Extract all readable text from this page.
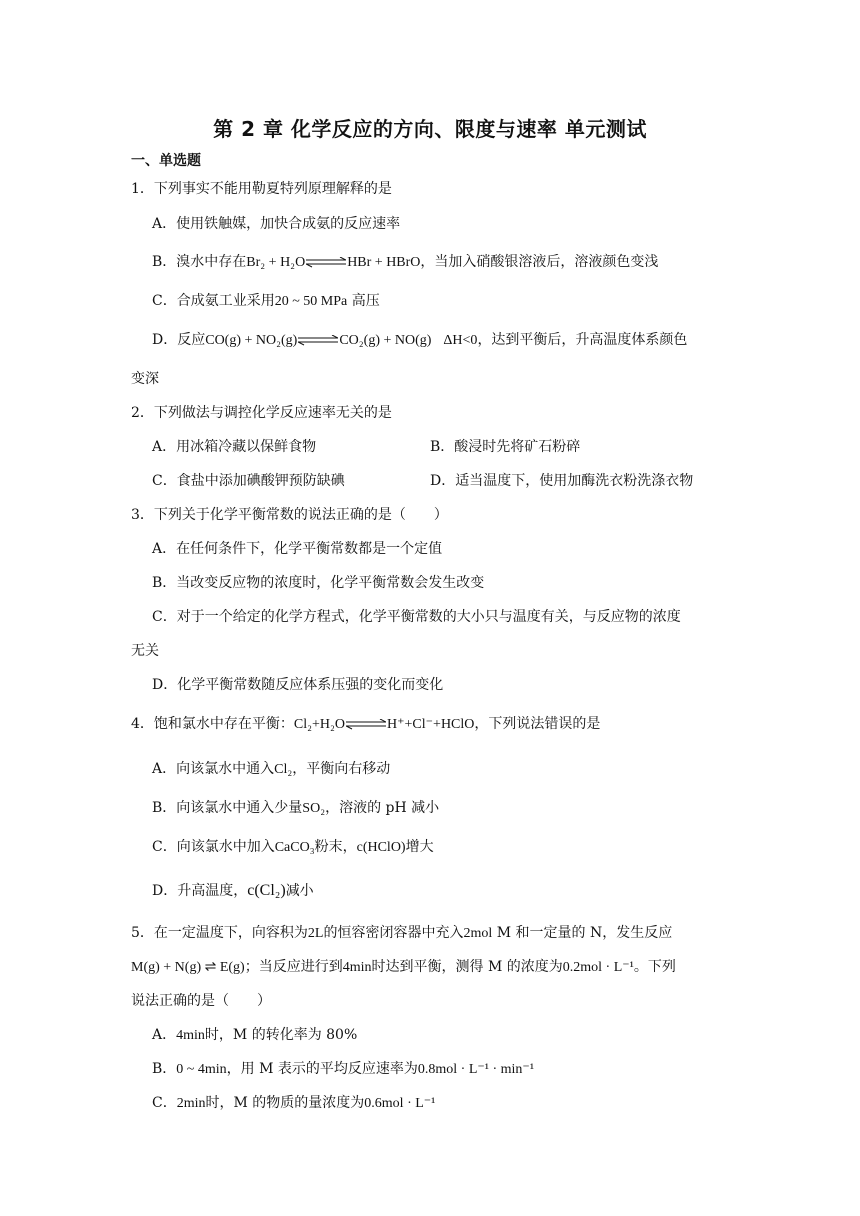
第 2 章 化学反应的方向、限度与速率 单元测试
一、单选题
1．下列事实不能用勒夏特列原理解释的是
A．使用铁触媒，加快合成氨的反应速率
B．溴水中存在Br₂ + H₂O	HBr + HBrO，当加入硝酸银溶液后，溶液颜色变浅
C．合成氨工业采用20 ~ 50 MPa 高压
D．反应CO(g) + NO₂(g)	CO₂(g) + NO(g) ΔH<0，达到平衡后，升高温度体系颜色
变深
2．下列做法与调控化学反应速率无关的是
A．用冰箱冷藏以保鲜食物	B．酸浸时先将矿石粉碎
C．食盐中添加碘酸钾预防缺碘	D．适当温度下，使用加酶洗衣粉洗涤衣物
3．下列关于化学平衡常数的说法正确的是（　　）
A．在任何条件下，化学平衡常数都是一个定值
B．当改变反应物的浓度时，化学平衡常数会发生改变
C．对于一个给定的化学方程式，化学平衡常数的大小只与温度有关，与反应物的浓度
无关
D．化学平衡常数随反应体系压强的变化而变化
4．饱和氯水中存在平衡：Cl₂+H₂O	H⁺+Cl⁻+HClO，下列说法错误的是
A．向该氯水中通入Cl₂，平衡向右移动
B．向该氯水中通入少量SO₂，溶液的 pH 减小
C．向该氯水中加入CaCO₃粉末，c(HClO)增大
D．升高温度，c(Cl₂)减小
5．在一定温度下，向容积为2L的恒容密闭容器中充入2mol M 和一定量的 N，发生反应
M(g) + N(g) ⇌ E(g)；当反应进行到4min时达到平衡，测得 M 的浓度为0.2mol · L⁻¹。下列
说法正确的是（　　）
A．4min时，M 的转化率为 80%
B．0 ~ 4min，用 M 表示的平均反应速率为0.8mol · L⁻¹ · min⁻¹
C．2min时，M 的物质的量浓度为0.6mol · L⁻¹
